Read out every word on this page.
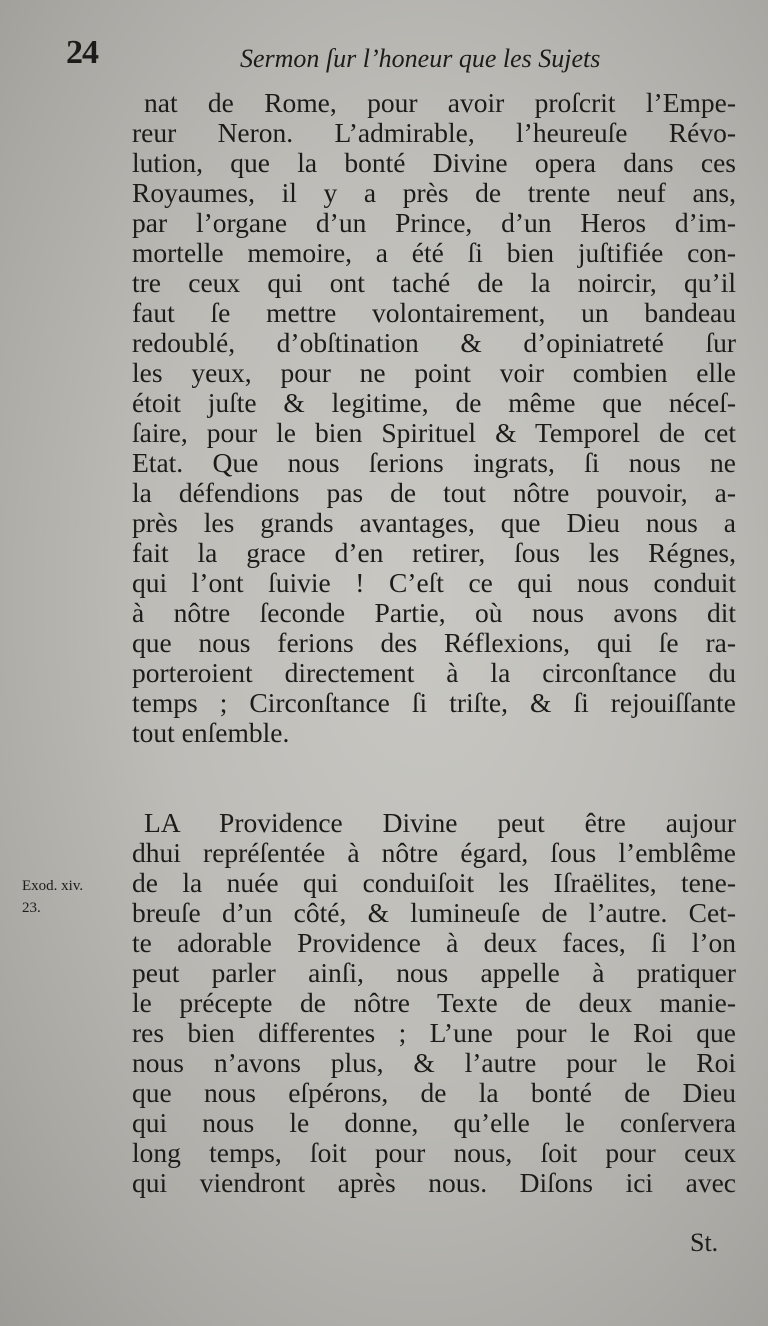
24	Sermon ſur l’honeur que les Sujets
nat de Rome, pour avoir proſcrit l’Empe-
reur Neron. L’admirable, l’heureuſe Révo-
lution, que la bonté Divine opera dans ces
Royaumes, il y a près de trente neuf ans,
par l’organe d’un Prince, d’un Heros d’im-
mortelle memoire, a été ſi bien juſtifiée con-
tre ceux qui ont taché de la noircir, qu’il
faut ſe mettre volontairement, un bandeau
redoublé, d’obſtination & d’opiniatreté ſur
les yeux, pour ne point voir combien elle
étoit juſte & legitime, de même que néceſ-
ſaire, pour le bien Spirituel & Temporel de cet
Etat. Que nous ſerions ingrats, ſi nous ne
la défendions pas de tout nôtre pouvoir, a-
près les grands avantages, que Dieu nous a
fait la grace d’en retirer, ſous les Régnes,
qui l’ont ſuivie ! C’eſt ce qui nous conduit
à nôtre ſeconde Partie, où nous avons dit
que nous ferions des Réflexions, qui ſe ra-
porteroient directement à la circonſtance du
temps ; Circonſtance ſi triſte, & ſi rejouiſſante
tout enſemble.
LA Providence Divine peut être aujour
dhui repréſentée à nôtre égard, ſous l’emblême
de la nuée qui conduiſoit les Iſraëlites, tene-
breuſe d’un côté, & lumineuſe de l’autre. Cet-
te adorable Providence à deux faces, ſi l’on
peut parler ainſi, nous appelle à pratiquer
le précepte de nôtre Texte de deux manie-
res bien differentes ; L’une pour le Roi que
nous n’avons plus, & l’autre pour le Roi
que nous eſpérons, de la bonté de Dieu
qui nous le donne, qu’elle le conſervera
long temps, ſoit pour nous, ſoit pour ceux
qui viendront après nous. Diſons ici avec
Exod. xiv.
23.
St.
